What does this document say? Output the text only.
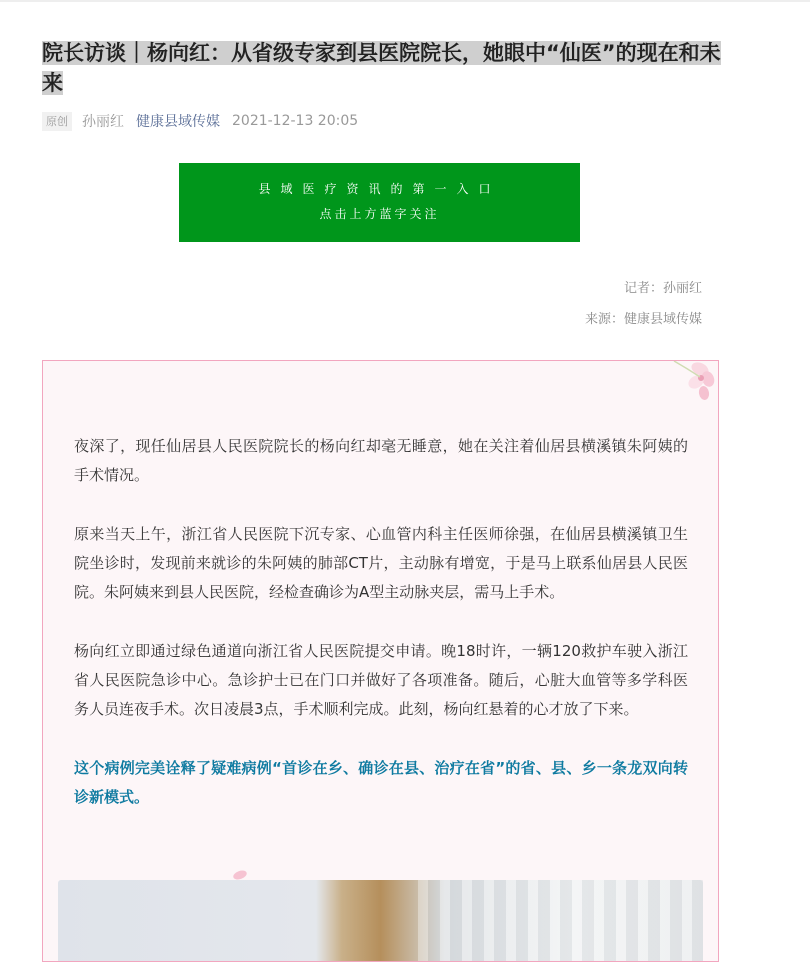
院长访谈｜杨向红：从省级专家到县医院院长，她眼中“仙医”的现在和未来
原创 孙丽红 健康县域传媒 2021-12-13 20:05
县域医疗资讯的第一入口
点击上方蓝字关注
记者：孙丽红
来源：健康县域传媒

夜深了，现任仙居县人民医院院长的杨向红却毫无睡意，她在关注着仙居县横溪镇朱阿姨的手术情况。

原来当天上午，浙江省人民医院下沉专家、心血管内科主任医师徐强，在仙居县横溪镇卫生院坐诊时，发现前来就诊的朱阿姨的肺部CT片，主动脉有增宽，于是马上联系仙居县人民医院。朱阿姨来到县人民医院，经检查确诊为A型主动脉夹层，需马上手术。

杨向红立即通过绿色通道向浙江省人民医院提交申请。晚18时许，一辆120救护车驶入浙江省人民医院急诊中心。急诊护士已在门口并做好了各项准备。随后，心脏大血管等多学科医务人员连夜手术。次日凌晨3点，手术顺利完成。此刻，杨向红悬着的心才放了下来。

这个病例完美诠释了疑难病例“首诊在乡、确诊在县、治疗在省”的省、县、乡一条龙双向转诊新模式。
